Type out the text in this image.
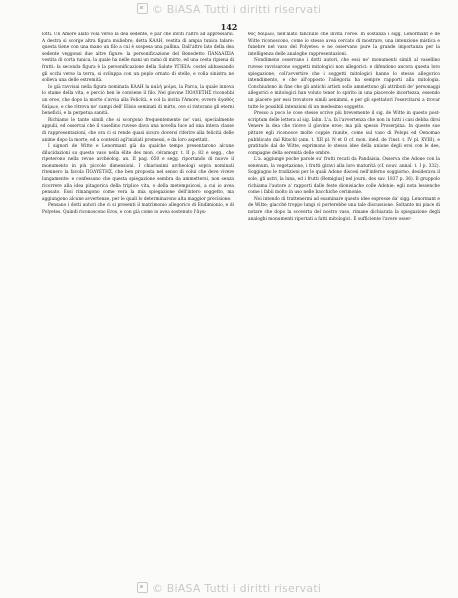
© BiASA Tutti i diritti riservati
142

lotti. Un Amore alato vola verso la dea sedente, e par che inviti l'altro ad appressarsi. A destra si scorge altra figura muliebre, detta ΚΑΛΗ, vestita di ampia tunica talare: questa tiene con una mano un filo a cui è sospesa una pallina. Dall'altro lato della dea sedente veggonsi due altre figure: la personificazione del Benedetto ΠΑΝΔΑΙΣΙΑ vestita di corta tunica, la quale ha nelle mani un ramo di mirto, ed una cesta ripiena di frutti: la seconda figura è la personificazione della Salute ΥΓΙΕΙΑ: costei abbassando gli occhi verso la terra, si sviluppa con un peplo ornato di stelle, e colla sinistra ne solleva una delle estremità.

Io già ravvisai nella figura nominata ΚΑΛΗ la καλή μοῖρα, la Parca, la quale innova lo stame della vita, e perciò ben le conviene il filo. Nel giovine ΠΟΛΥΕΤΗΣ riconobbi un eroe, che dopo la morte s'avvia alla Felicità, e col la invita l'Amore, ovvero ἀγαθὸς δαίμων, e che ritrova ne' campi dell' Elisio seminati di mirto, ove si ristorano gli eterni beneficii, e la perpetua sanità.

Richiamo le tante simili che si scorgono frequentemente ne' vasi, specialmente appulii, ed osservai che il vasellino ruvese dava una novella luce ad una intera classe di rappresentazioni, che ora ci si rende quasi sicuro doversi riferire alla felicità delle anime dopo la morte, ed a contenti agl'iniziati promessi, e da loro aspettati.

I signori de Witte e Lenormant già da qualche tempo presentarono alcune dilucidazioni su questo vaso nella élite des mon. céramogr. t. II p. 82 e segg., che ripeterono nella revue archéolog. an. II pag. 650 e segg. riportando di nuovo il monumento in più piccole dimensioni. I chiarissimi archeologi sopra nominati ritennero la favola ΠΟΛΥΕΤΗΣ, che ben proposta nel senso di colui che deve vivere lungamente: e confessano che questa spiegazione sembra da ammettersi, non senza ricorrere alla idea pitagorica della triplice vita, o della metempsicosi, a cui io avea pensato. Essi rimangono come vera la mia spiegazione dell'intero soggetto, ma aggiungono alcune avvertenze, per le quali lo determinarono alta maggior precisione.

Pensano i dotti autori che ci si presenti il matrimonio allegorico di Endimionio, e di Polyetes. Quindi riconoscono Eros, e con già come io avea sostenuto l'ἀγα-

θὸς δαίμων, nell'alato fanciullo che invita l'eroe. In sostanza i sigg. Lenormant e de Witte riconoscono, come io stesso avea cercato di mostrare, una intenzione mistica e funebre nel vaso del Polyetes: e ne osservano pure la grande importanza per la intelligenza delle analoghe rappresentazioni.

Nondimeno osservano i dotti autori, che essi ne' monumenti simili al vasellino ruvese ravvisarono soggetti mitologici non allegorici: e difendono ancora questa loro spiegazione, coll'avvertire che i soggetti mitologici hanno lo stesso allegorico intendimento, e che all'opposto l'allegoria ha sempre rapporti alla mitologia. Conchiudono in fine che gli antichi artisti sollo ammettono gli attributi de' personaggi allegorici e mitologici han voluto tener lo spirito in una piacevole incertezza, essendo un piacere per essi trovatore simili aenimmi, e per gli spettatori l'esercitarsi a trovar tutte le possibili intenzioni di un medesimo soggetto.

Presso a poco le cose stesse scrive più brevemente il sig. de Witte in questo post-scriptum delle lettera al sig. Iahn. L'a. fa l'avvertenza che non in tutti i casi debba dirsi Venere la dea che riceve il giovine eroe; ma più spesso Proserpina. In queste sue pitture egli riconosce molte coppie riunite, come sul vaso di Pelops ed Oenomao pubblicato dal Ritschl (ann. t. XII pl. N et O cf. mon. inéd. de l'inst. t. IV pl. XVIII), e gratitudo dal de Witte, esprimono lo stesso idee della unione degli eroi con le dee, compagne della serenità delle ombre.

L'a. aggiunge poche parole su' frutti recati da Pandaisia. Osserva che Adone con la senenum, la vegetazione, i frutti giravi alla loro maturità (cf. nouv. annal. t. I p. 332). Soggiugno le tradizioni per le quali Adone discesi nell'inferno soggiorno, desiderava il sole, gli astri, la luna, ed i frutti (Remigius] nel journ. des sav. 1837 p. 36). Il gruppolo richiama l'autore a' rapporti dalle feste dionisiache colle Adonie: egli nota lessenche come i fabii molto in uso nelle bacchiche cerimonie.

Noi intendo di trattenermi ad esaminare questo idee espresse da' sigg. Lenormant e de Witte; giacchè troppo lungi ci porterebbe una tale discussione. Soltanto mi piace di notare che dopo la scoverta del nostro vaso, rimane dichiarata la spiegazione degli analoghi monumenti riportati a fatti mitologici. È sufficiente l'avere osser-

© BiASA Tutti i diritti riservati
